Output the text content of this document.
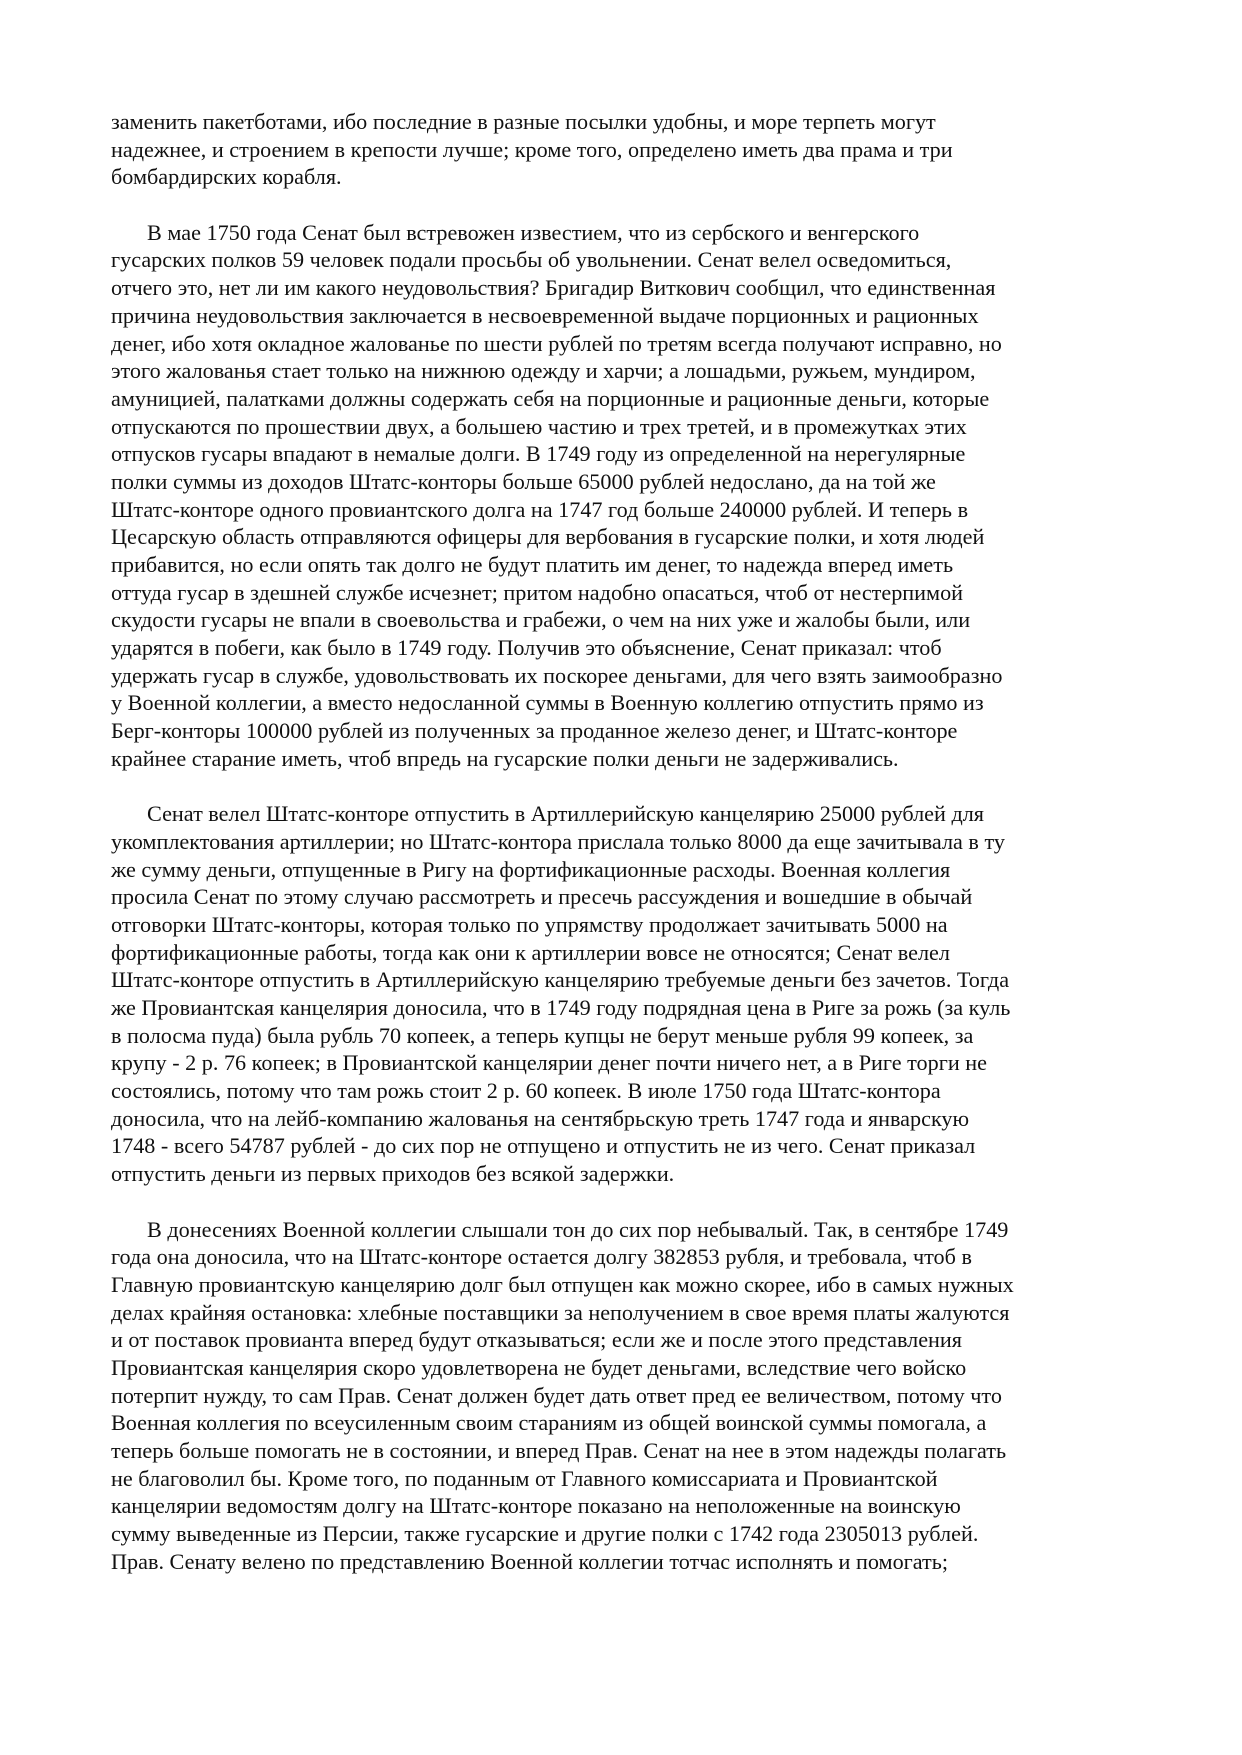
заменить пакетботами, ибо последние в разные посылки удобны, и море терпеть могут
надежнее, и строением в крепости лучше; кроме того, определено иметь два прама и три
бомбардирских корабля.
В мае 1750 года Сенат был встревожен известием, что из сербского и венгерского
гусарских полков 59 человек подали просьбы об увольнении. Сенат велел осведомиться,
отчего это, нет ли им какого неудовольствия? Бригадир Виткович сообщил, что единственная
причина неудовольствия заключается в несвоевременной выдаче порционных и рационных
денег, ибо хотя окладное жалованье по шести рублей по третям всегда получают исправно, но
этого жалованья стает только на нижнюю одежду и харчи; а лошадьми, ружьем, мундиром,
амуницией, палатками должны содержать себя на порционные и рационные деньги, которые
отпускаются по прошествии двух, а большею частию и трех третей, и в промежутках этих
отпусков гусары впадают в немалые долги. В 1749 году из определенной на нерегулярные
полки суммы из доходов Штатс-конторы больше 65000 рублей недослано, да на той же
Штатс-конторе одного провиантского долга на 1747 год больше 240000 рублей. И теперь в
Цесарскую область отправляются офицеры для вербования в гусарские полки, и хотя людей
прибавится, но если опять так долго не будут платить им денег, то надежда вперед иметь
оттуда гусар в здешней службе исчезнет; притом надобно опасаться, чтоб от нестерпимой
скудости гусары не впали в своевольства и грабежи, о чем на них уже и жалобы были, или
ударятся в побеги, как было в 1749 году. Получив это объяснение, Сенат приказал: чтоб
удержать гусар в службе, удовольствовать их поскорее деньгами, для чего взять заимообразно
у Военной коллегии, а вместо недосланной суммы в Военную коллегию отпустить прямо из
Берг-конторы 100000 рублей из полученных за проданное железо денег, и Штатс-конторе
крайнее старание иметь, чтоб впредь на гусарские полки деньги не задерживались.
Сенат велел Штатс-конторе отпустить в Артиллерийскую канцелярию 25000 рублей для
укомплектования артиллерии; но Штатс-контора прислала только 8000 да еще зачитывала в ту
же сумму деньги, отпущенные в Ригу на фортификационные расходы. Военная коллегия
просила Сенат по этому случаю рассмотреть и пресечь рассуждения и вошедшие в обычай
отговорки Штатс-конторы, которая только по упрямству продолжает зачитывать 5000 на
фортификационные работы, тогда как они к артиллерии вовсе не относятся; Сенат велел
Штатс-конторе отпустить в Артиллерийскую канцелярию требуемые деньги без зачетов. Тогда
же Провиантская канцелярия доносила, что в 1749 году подрядная цена в Риге за рожь (за куль
в полосма пуда) была рубль 70 копеек, а теперь купцы не берут меньше рубля 99 копеек, за
крупу - 2 р. 76 копеек; в Провиантской канцелярии денег почти ничего нет, а в Риге торги не
состоялись, потому что там рожь стоит 2 р. 60 копеек. В июле 1750 года Штатс-контора
доносила, что на лейб-компанию жалованья на сентябрьскую треть 1747 года и январскую
1748 - всего 54787 рублей - до сих пор не отпущено и отпустить не из чего. Сенат приказал
отпустить деньги из первых приходов без всякой задержки.
В донесениях Военной коллегии слышали тон до сих пор небывалый. Так, в сентябре 1749
года она доносила, что на Штатс-конторе остается долгу 382853 рубля, и требовала, чтоб в
Главную провиантскую канцелярию долг был отпущен как можно скорее, ибо в самых нужных
делах крайняя остановка: хлебные поставщики за неполучением в свое время платы жалуются
и от поставок провианта вперед будут отказываться; если же и после этого представления
Провиантская канцелярия скоро удовлетворена не будет деньгами, вследствие чего войско
потерпит нужду, то сам Прав. Сенат должен будет дать ответ пред ее величеством, потому что
Военная коллегия по всеусиленным своим стараниям из общей воинской суммы помогала, а
теперь больше помогать не в состоянии, и вперед Прав. Сенат на нее в этом надежды полагать
не благоволил бы. Кроме того, по поданным от Главного комиссариата и Провиантской
канцелярии ведомостям долгу на Штатс-конторе показано на неположенные на воинскую
сумму выведенные из Персии, также гусарские и другие полки с 1742 года 2305013 рублей.
Прав. Сенату велено по представлению Военной коллегии тотчас исполнять и помогать;
